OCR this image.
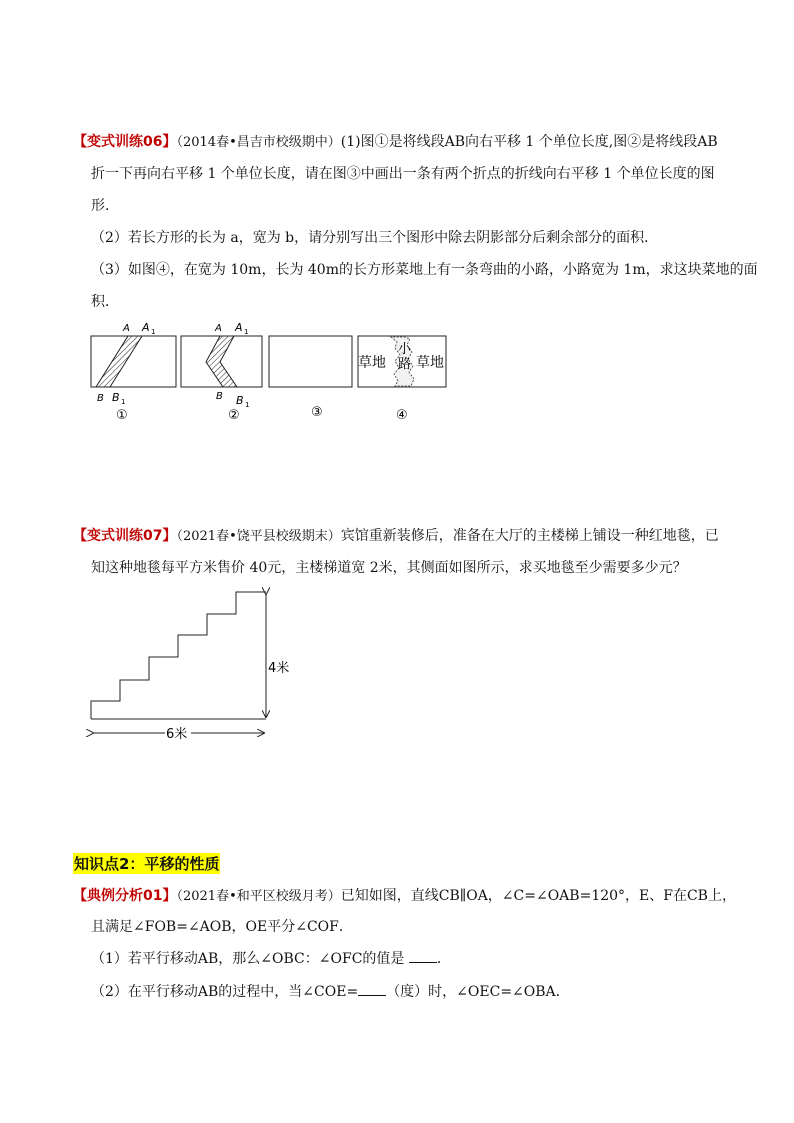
【变式训练06】（2014春•昌吉市校级期中）(1)图①是将线段AB向右平移 1 个单位长度,图②是将线段AB
折一下再向右平移 1 个单位长度，请在图③中画出一条有两个折点的折线向右平移 1 个单位长度的图
形．
（2）若长方形的长为 a，宽为 b，请分别写出三个图形中除去阴影部分后剩余部分的面积．
（3）如图④，在宽为 10m，长为 40m的长方形菜地上有一条弯曲的小路，小路宽为 1m，求这块菜地的面
积．
A A 1
B B 1
①
A A 1
B B 1
②	③
草地 草地
小
路
④
【变式训练07】（2021春•饶平县校级期末）宾馆重新装修后，准备在大厅的主楼梯上铺设一种红地毯，已
知这种地毯每平方米售价 40元，主楼梯道宽 2米，其侧面如图所示，求买地毯至少需要多少元？
4米
6米
知识点2：平移的性质
【典例分析01】（2021春•和平区校级月考）已知如图，直线CB∥OA，∠C=∠OAB=120°，E、F在CB上，
且满足∠FOB=∠AOB，OE平分∠COF．
（1）若平行移动AB，那么∠OBC：∠OFC的值是 ．
（2）在平行移动AB的过程中，当∠COE= （度）时，∠OEC=∠OBA．
